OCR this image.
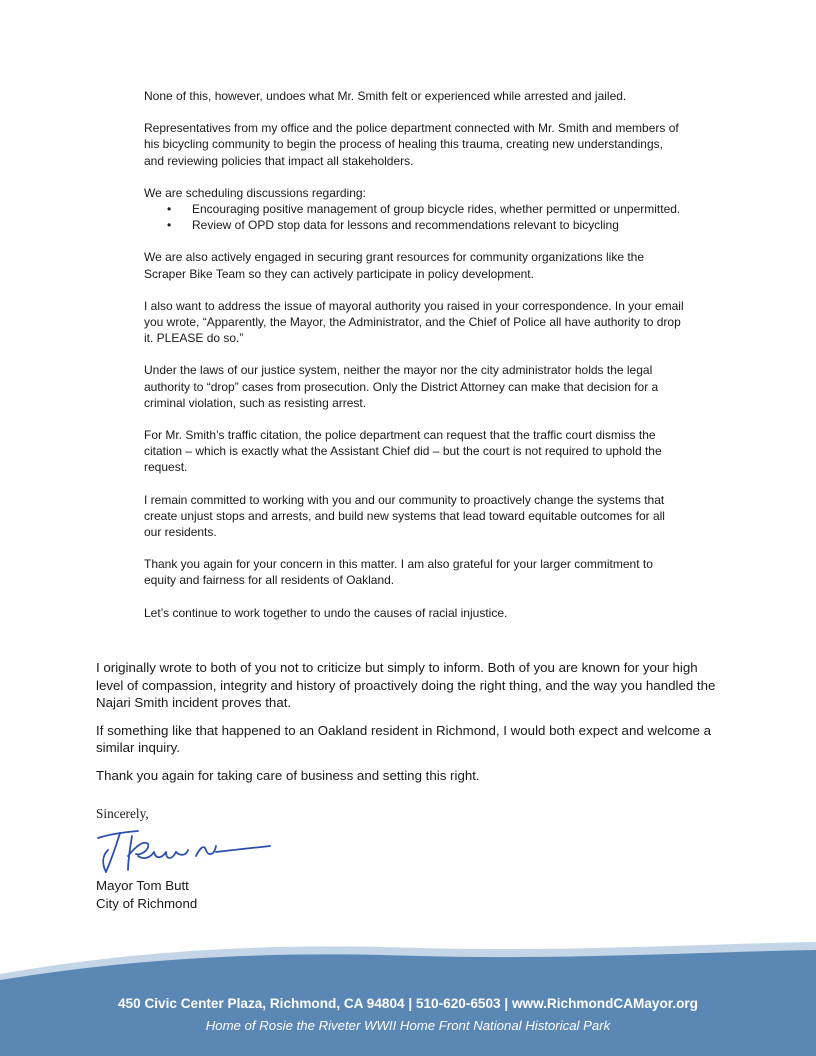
None of this, however, undoes what Mr. Smith felt or experienced while arrested and jailed.

Representatives from my office and the police department connected with Mr. Smith and members of his bicycling community to begin the process of healing this trauma, creating new understandings, and reviewing policies that impact all stakeholders.

We are scheduling discussions regarding:

• Encouraging positive management of group bicycle rides, whether permitted or unpermitted.
• Review of OPD stop data for lessons and recommendations relevant to bicycling

We are also actively engaged in securing grant resources for community organizations like the Scraper Bike Team so they can actively participate in policy development.

I also want to address the issue of mayoral authority you raised in your correspondence. In your email you wrote, “Apparently, the Mayor, the Administrator, and the Chief of Police all have authority to drop it. PLEASE do so.”

Under the laws of our justice system, neither the mayor nor the city administrator holds the legal authority to “drop” cases from prosecution. Only the District Attorney can make that decision for a criminal violation, such as resisting arrest.

For Mr. Smith’s traffic citation, the police department can request that the traffic court dismiss the citation – which is exactly what the Assistant Chief did – but the court is not required to uphold the request.

I remain committed to working with you and our community to proactively change the systems that create unjust stops and arrests, and build new systems that lead toward equitable outcomes for all our residents.

Thank you again for your concern in this matter. I am also grateful for your larger commitment to equity and fairness for all residents of Oakland.

Let’s continue to work together to undo the causes of racial injustice.

I originally wrote to both of you not to criticize but simply to inform. Both of you are known for your high level of compassion, integrity and history of proactively doing the right thing, and the way you handled the Najari Smith incident proves that.

If something like that happened to an Oakland resident in Richmond, I would both expect and welcome a similar inquiry.

Thank you again for taking care of business and setting this right.

Sincerely,
Mayor Tom Butt
City of Richmond
450 Civic Center Plaza, Richmond, CA 94804 | 510-620-6503 | www.RichmondCAMayor.org
Home of Rosie the Riveter WWII Home Front National Historical Park
